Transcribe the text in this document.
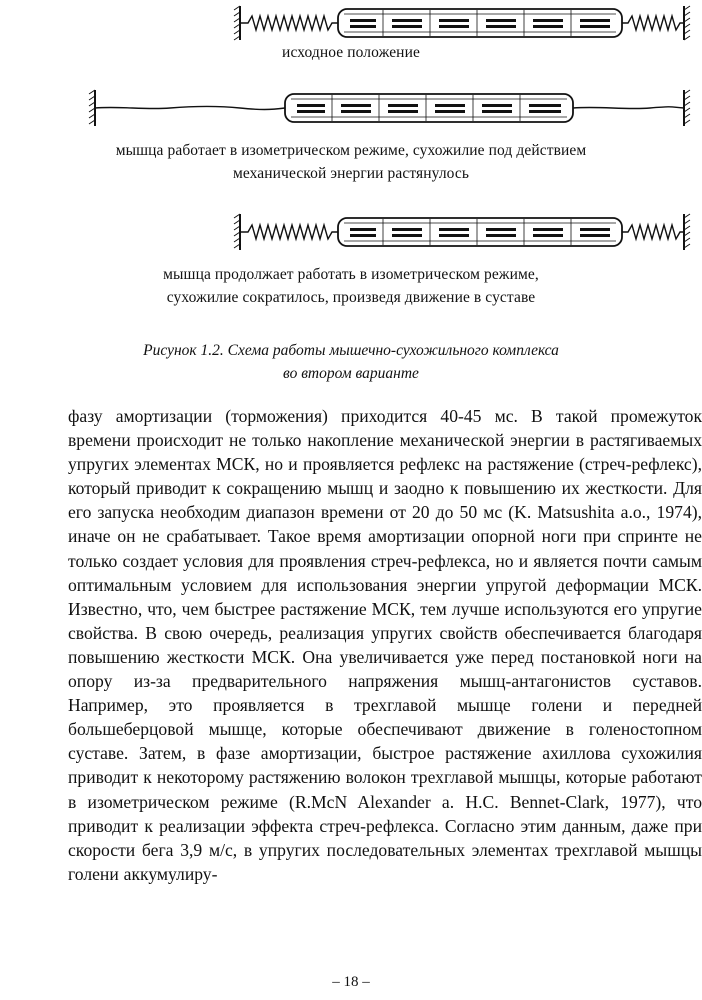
исходное положение
мышца работает в изометрическом режиме, сухожилие под действием
механической энергии растянулось
мышца продолжает работать в изометрическом режиме,
сухожилие сократилось, произведя движение в суставе
Рисунок 1.2. Схема работы мышечно-сухожильного комплекса
во втором варианте

фазу амортизации (торможения) приходится 40-45 мс. В такой промежуток времени происходит не только накопление механической энергии в растягиваемых упругих элементах МСК, но и проявляется рефлекс на растяжение (стреч-рефлекс), который приводит к сокращению мышц и заодно к повышению их жесткости. Для его запуска необходим диапазон времени от 20 до 50 мс (K. Matsushita a.o., 1974), иначе он не срабатывает. Такое время амортизации опорной ноги при спринте не только создает условия для проявления стреч-рефлекса, но и является почти самым оптимальным условием для использования энергии упругой деформации МСК. Известно, что, чем быстрее растяжение МСК, тем лучше используются его упругие свойства. В свою очередь, реализация упругих свойств обеспечивается благодаря повышению жесткости МСК. Она увеличивается уже перед постановкой ноги на опору из-за предварительного напряжения мышц-антагонистов суставов. Например, это проявляется в трехглавой мышце голени и передней большеберцовой мышце, которые обеспечивают движение в голеностопном суставе. Затем, в фазе амортизации, быстрое растяжение ахиллова сухожилия приводит к некоторому растяжению волокон трехглавой мышцы, которые работают в изометрическом режиме (R.McN Alexander a. H.C. Bennet-Clark, 1977), что приводит к реализации эффекта стреч-рефлекса. Согласно этим данным, даже при скорости бега 3,9 м/с, в упругих последовательных элементах трехглавой мышцы голени аккумулиру-

– 18 –
